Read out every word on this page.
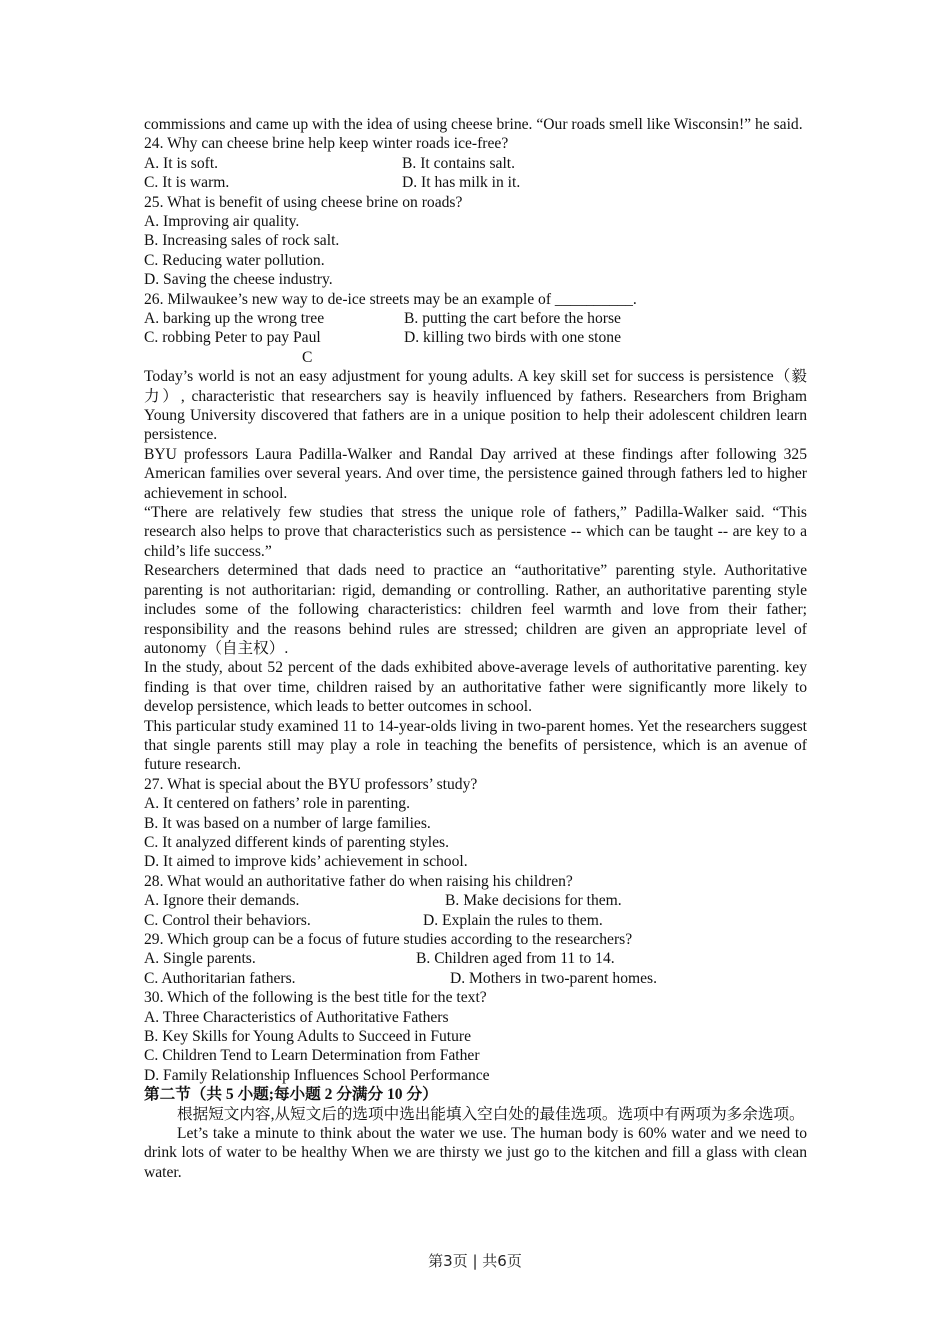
commissions and came up with the idea of using cheese brine. “Our roads smell like Wisconsin!” he said.

24. Why can cheese brine help keep winter roads ice-free?

A. It is soft.	B. It contains salt.
C. It is warm.	D. It has milk in it.

25. What is benefit of using cheese brine on roads?

A. Improving air quality.

B. Increasing sales of rock salt.

C. Reducing water pollution.

D. Saving the cheese industry.

26. Milwaukee’s new way to de-ice streets may be an example of __________.

A. barking up the wrong tree	B. putting the cart before the horse
C. robbing Peter to pay Paul	D. killing two birds with one stone

C

Today’s world is not an easy adjustment for young adults. A key skill set for success is persistence（毅力）, characteristic that researchers say is heavily influenced by fathers. Researchers from Brigham Young University discovered that fathers are in a unique position to help their adolescent children learn persistence.

BYU professors Laura Padilla-Walker and Randal Day arrived at these findings after following 325 American families over several years. And over time, the persistence gained through fathers led to higher achievement in school.

“There are relatively few studies that stress the unique role of fathers,” Padilla-Walker said. “This research also helps to prove that characteristics such as persistence -- which can be taught -- are key to a child’s life success.”

Researchers determined that dads need to practice an “authoritative” parenting style. Authoritative parenting is not authoritarian: rigid, demanding or controlling. Rather, an authoritative parenting style includes some of the following characteristics: children feel warmth and love from their father; responsibility and the reasons behind rules are stressed; children are given an appropriate level of autonomy（自主权）.

In the study, about 52 percent of the dads exhibited above-average levels of authoritative parenting. key finding is that over time, children raised by an authoritative father were significantly more likely to develop persistence, which leads to better outcomes in school.

This particular study examined 11 to 14-year-olds living in two-parent homes. Yet the researchers suggest that single parents still may play a role in teaching the benefits of persistence, which is an avenue of future research.

27. What is special about the BYU professors’ study?

A. It centered on fathers’ role in parenting.

B. It was based on a number of large families.

C. It analyzed different kinds of parenting styles.

D. It aimed to improve kids’ achievement in school.

28. What would an authoritative father do when raising his children?

A. Ignore their demands.	B. Make decisions for them.
C. Control their behaviors.	D. Explain the rules to them.

29. Which group can be a focus of future studies according to the researchers?

A. Single parents.	B. Children aged from 11 to 14.
C. Authoritarian fathers.	D. Mothers in two-parent homes.

30. Which of the following is the best title for the text?

A. Three Characteristics of Authoritative Fathers

B. Key Skills for Young Adults to Succeed in Future

C. Children Tend to Learn Determination from Father

D. Family Relationship Influences School Performance

第二节（共 5 小题;每小题 2 分满分 10 分）

根据短文内容,从短文后的选项中选出能填入空白处的最佳选项。选项中有两项为多余选项。

Let’s take a minute to think about the water we use. The human body is 60% water and we need to drink lots of water to be healthy When we are thirsty we just go to the kitchen and fill a glass with clean water.

第3页 | 共6页
